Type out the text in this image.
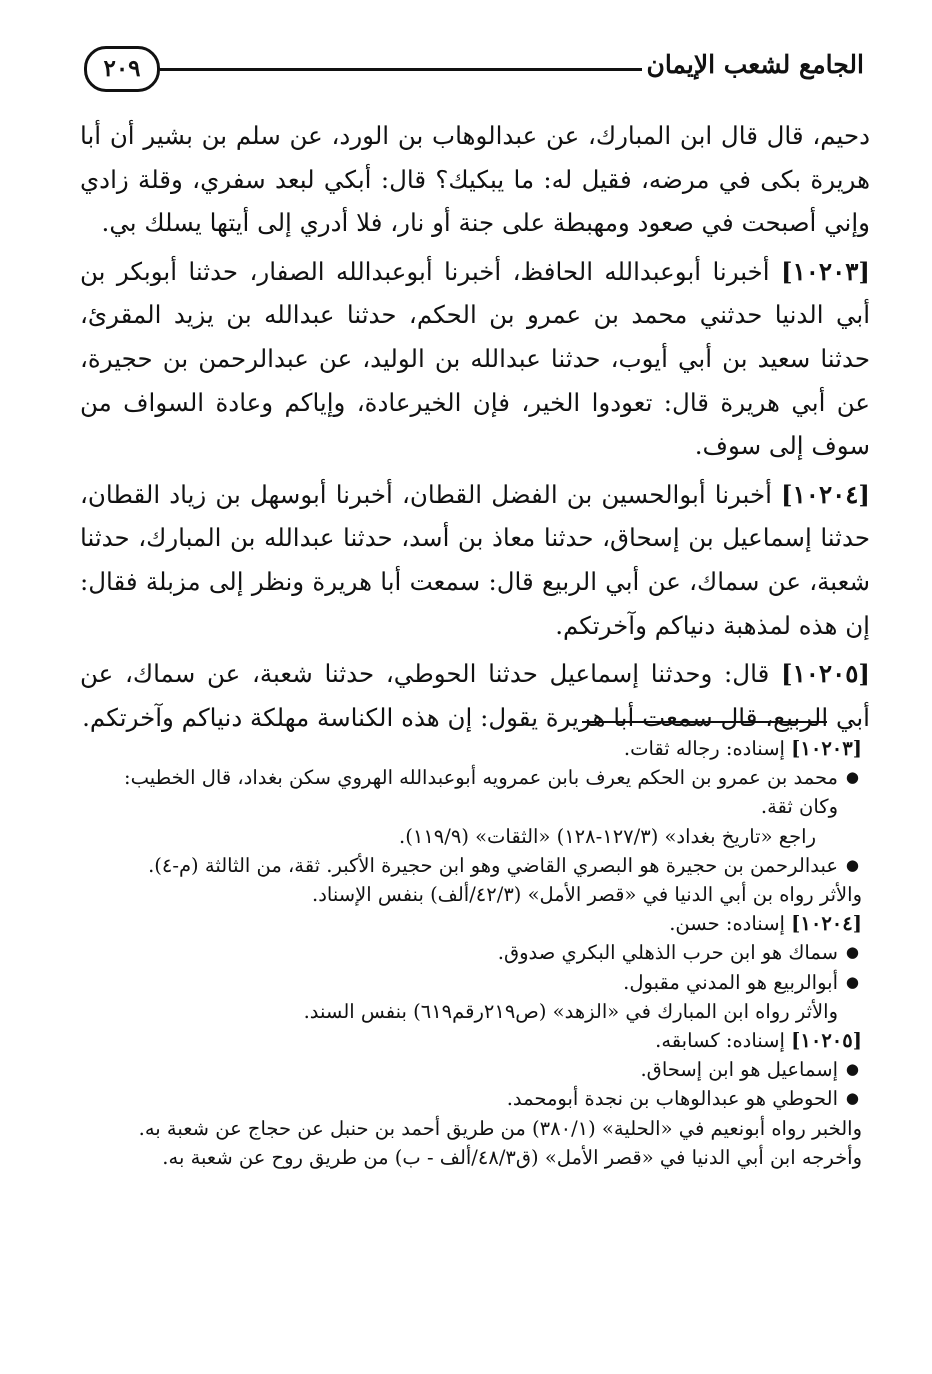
٢٠٩	الجامع لشعب الإيمان

دحيم، قال قال ابن المبارك، عن عبدالوهاب بن الورد، عن سلم بن بشير أن أبا هريرة بكى في مرضه، فقيل له: ما يبكيك؟ قال: أبكي لبعد سفري، وقلة زادي وإني أصبحت في صعود ومهبطة على جنة أو نار، فلا أدري إلى أيتها يسلك بي.

[١٠٢٠٣] أخبرنا أبوعبدالله الحافظ، أخبرنا أبوعبدالله الصفار، حدثنا أبوبكر بن أبي الدنيا حدثني محمد بن عمرو بن الحكم، حدثنا عبدالله بن يزيد المقرئ، حدثنا سعيد بن أبي أيوب، حدثنا عبدالله بن الوليد، عن عبدالرحمن بن حجيرة، عن أبي هريرة قال: تعودوا الخير، فإن الخيرعادة، وإياكم وعادة السواف من سوف إلى سوف.

[١٠٢٠٤] أخبرنا أبوالحسين بن الفضل القطان، أخبرنا أبوسهل بن زياد القطان، حدثنا إسماعيل بن إسحاق، حدثنا معاذ بن أسد، حدثنا عبدالله بن المبارك، حدثنا شعبة، عن سماك، عن أبي الربيع قال: سمعت أبا هريرة ونظر إلى مزبلة فقال: إن هذه لمذهبة دنياكم وآخرتكم.

[١٠٢٠٥] قال: وحدثنا إسماعيل حدثنا الحوطي، حدثنا شعبة، عن سماك، عن أبي الربيع، قال سمعت أبا هريرة يقول: إن هذه الكناسة مهلكة دنياكم وآخرتكم.

[١٠٢٠٣] إسناده: رجاله ثقات.

●
محمد بن عمرو بن الحكم يعرف بابن عمرويه أبوعبدالله الهروي سكن بغداد، قال الخطيب: وكان ثقة.

راجع «تاريخ بغداد» (١٢٧/٣-١٢٨) «الثقات» (١١٩/٩).

●
عبدالرحمن بن حجيرة هو البصري القاضي وهو ابن حجيرة الأكبر. ثقة، من الثالثة (م-٤).

والأثر رواه بن أبي الدنيا في «قصر الأمل» (٤٢/٣/ألف) بنفس الإسناد.

[١٠٢٠٤] إسناده: حسن.

●
سماك هو ابن حرب الذهلي البكري صدوق.

●
أبوالربيع هو المدني مقبول.

والأثر رواه ابن المبارك في «الزهد» (ص٢١٩رقم٦١٩) بنفس السند.

[١٠٢٠٥] إسناده: كسابقه.

●
إسماعيل هو ابن إسحاق.

●
الحوطي هو عبدالوهاب بن نجدة أبومحمد.

والخبر رواه أبونعيم في «الحلية» (٣٨٠/١) من طريق أحمد بن حنبل عن حجاج عن شعبة به.

وأخرجه ابن أبي الدنيا في «قصر الأمل» (ق٤٨/٣/ألف - ب) من طريق روح عن شعبة به.
